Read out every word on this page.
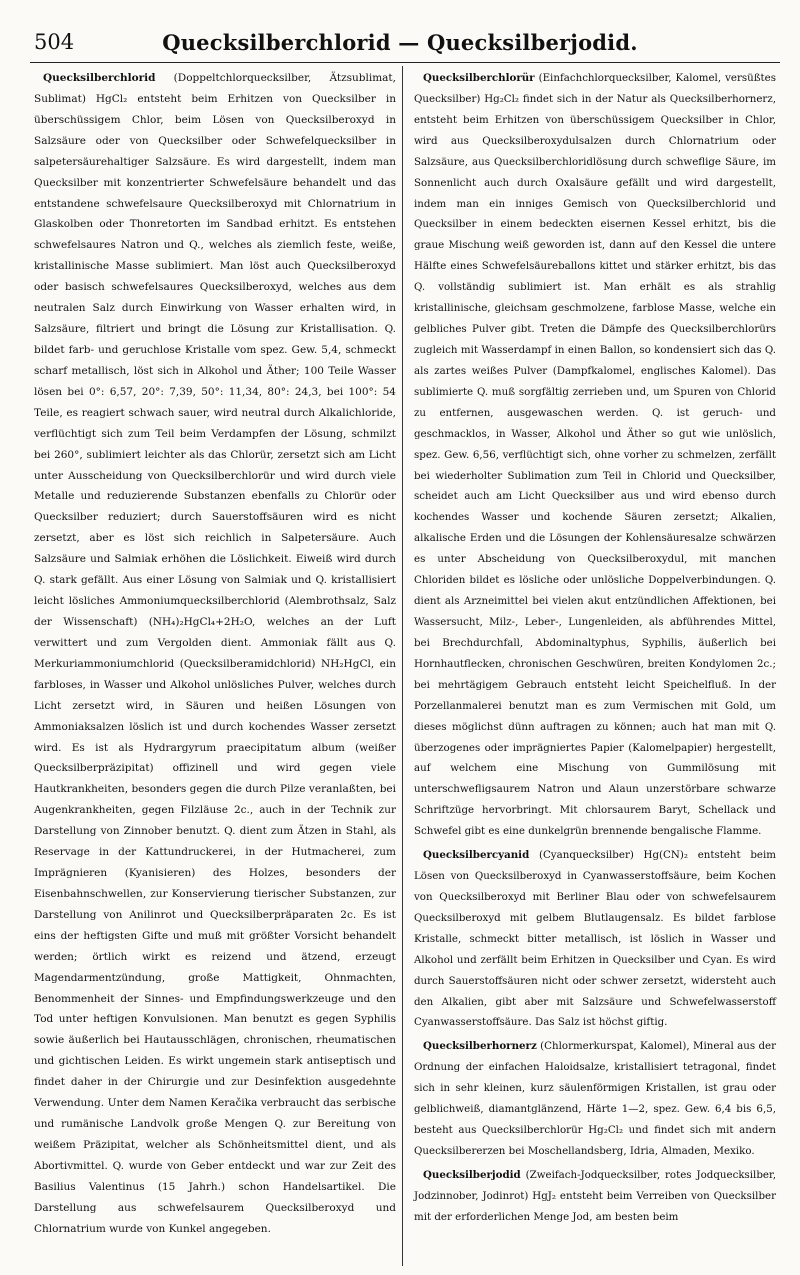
504	Quecksilberchlorid — Quecksilberjodid.

Quecksilberchlorid (Doppeltchlorquecksilber, Ätzsublimat, Sublimat) HgCl₂ entsteht beim Erhitzen von Quecksilber in überschüssigem Chlor, beim Lösen von Quecksilberoxyd in Salzsäure oder von Quecksilber oder Schwefelquecksilber in salpetersäurehaltiger Salzsäure. Es wird dargestellt, indem man Quecksilber mit konzentrierter Schwefelsäure behandelt und das entstandene schwefelsaure Quecksilberoxyd mit Chlornatrium in Glaskolben oder Thonretorten im Sandbad erhitzt. Es entstehen schwefelsaures Natron und Q., welches als ziemlich feste, weiße, kristallinische Masse sublimiert. Man löst auch Quecksilberoxyd oder basisch schwefelsaures Quecksilberoxyd, welches aus dem neutralen Salz durch Einwirkung von Wasser erhalten wird, in Salzsäure, filtriert und bringt die Lösung zur Kristallisation. Q. bildet farb- und geruchlose Kristalle vom spez. Gew. 5,4, schmeckt scharf metallisch, löst sich in Alkohol und Äther; 100 Teile Wasser lösen bei 0°: 6,57, 20°: 7,39, 50°: 11,34, 80°: 24,3, bei 100°: 54 Teile, es reagiert schwach sauer, wird neutral durch Alkalichloride, verflüchtigt sich zum Teil beim Verdampfen der Lösung, schmilzt bei 260°, sublimiert leichter als das Chlorür, zersetzt sich am Licht unter Ausscheidung von Quecksilberchlorür und wird durch viele Metalle und reduzierende Substanzen ebenfalls zu Chlorür oder Quecksilber reduziert; durch Sauerstoffsäuren wird es nicht zersetzt, aber es löst sich reichlich in Salpetersäure. Auch Salzsäure und Salmiak erhöhen die Löslichkeit. Eiweiß wird durch Q. stark gefällt. Aus einer Lösung von Salmiak und Q. kristallisiert leicht lösliches Ammoniumquecksilberchlorid (Alembrothsalz, Salz der Wissenschaft) (NH₄)₂HgCl₄+2H₂O, welches an der Luft verwittert und zum Vergolden dient. Ammoniak fällt aus Q. Merkuriammoniumchlorid (Quecksilberamidchlorid) NH₂HgCl, ein farbloses, in Wasser und Alkohol unlösliches Pulver, welches durch Licht zersetzt wird, in Säuren und heißen Lösungen von Ammoniaksalzen löslich ist und durch kochendes Wasser zersetzt wird. Es ist als Hydrargyrum praecipitatum album (weißer Quecksilberpräzipitat) offizinell und wird gegen viele Hautkrankheiten, besonders gegen die durch Pilze veranlaßten, bei Augenkrankheiten, gegen Filzläuse 2c., auch in der Technik zur Darstellung von Zinnober benutzt. Q. dient zum Ätzen in Stahl, als Reservage in der Kattundruckerei, in der Hutmacherei, zum Imprägnieren (Kyanisieren) des Holzes, besonders der Eisenbahnschwellen, zur Konservierung tierischer Substanzen, zur Darstellung von Anilinrot und Quecksilberpräparaten 2c. Es ist eins der heftigsten Gifte und muß mit größter Vorsicht behandelt werden; örtlich wirkt es reizend und ätzend, erzeugt Magendarmentzündung, große Mattigkeit, Ohnmachten, Benommenheit der Sinnes- und Empfindungswerkzeuge und den Tod unter heftigen Konvulsionen. Man benutzt es gegen Syphilis sowie äußerlich bei Hautausschlägen, chronischen, rheumatischen und gichtischen Leiden. Es wirkt ungemein stark antiseptisch und findet daher in der Chirurgie und zur Desinfektion ausgedehnte Verwendung. Unter dem Namen Keračika verbraucht das serbische und rumänische Landvolk große Mengen Q. zur Bereitung von weißem Präzipitat, welcher als Schönheitsmittel dient, und als Abortivmittel. Q. wurde von Geber entdeckt und war zur Zeit des Basilius Valentinus (15 Jahrh.) schon Handelsartikel. Die Darstellung aus schwefelsaurem Quecksilberoxyd und Chlornatrium wurde von Kunkel angegeben.

Quecksilberchlorür (Einfachchlorquecksilber, Kalomel, versüßtes Quecksilber) Hg₂Cl₂ findet sich in der Natur als Quecksilberhornerz, entsteht beim Erhitzen von überschüssigem Quecksilber in Chlor, wird aus Quecksilberoxydulsalzen durch Chlornatrium oder Salzsäure, aus Quecksilberchloridlösung durch schweflige Säure, im Sonnenlicht auch durch Oxalsäure gefällt und wird dargestellt, indem man ein inniges Gemisch von Quecksilberchlorid und Quecksilber in einem bedeckten eisernen Kessel erhitzt, bis die graue Mischung weiß geworden ist, dann auf den Kessel die untere Hälfte eines Schwefelsäureballons kittet und stärker erhitzt, bis das Q. vollständig sublimiert ist. Man erhält es als strahlig kristallinische, gleichsam geschmolzene, farblose Masse, welche ein gelbliches Pulver gibt. Treten die Dämpfe des Quecksilberchlorürs zugleich mit Wasserdampf in einen Ballon, so kondensiert sich das Q. als zartes weißes Pulver (Dampfkalomel, englisches Kalomel). Das sublimierte Q. muß sorgfältig zerrieben und, um Spuren von Chlorid zu entfernen, ausgewaschen werden. Q. ist geruch- und geschmacklos, in Wasser, Alkohol und Äther so gut wie unlöslich, spez. Gew. 6,56, verflüchtigt sich, ohne vorher zu schmelzen, zerfällt bei wiederholter Sublimation zum Teil in Chlorid und Quecksilber, scheidet auch am Licht Quecksilber aus und wird ebenso durch kochendes Wasser und kochende Säuren zersetzt; Alkalien, alkalische Erden und die Lösungen der Kohlensäuresalze schwärzen es unter Abscheidung von Quecksilberoxydul, mit manchen Chloriden bildet es lösliche oder unlösliche Doppelverbindungen. Q. dient als Arzneimittel bei vielen akut entzündlichen Affektionen, bei Wassersucht, Milz-, Leber-, Lungenleiden, als abführendes Mittel, bei Brechdurchfall, Abdominaltyphus, Syphilis, äußerlich bei Hornhautflecken, chronischen Geschwüren, breiten Kondylomen 2c.; bei mehrtägigem Gebrauch entsteht leicht Speichelfluß. In der Porzellanmalerei benutzt man es zum Vermischen mit Gold, um dieses möglichst dünn auftragen zu können; auch hat man mit Q. überzogenes oder imprägniertes Papier (Kalomelpapier) hergestellt, auf welchem eine Mischung von Gummilösung mit unterschwefligsaurem Natron und Alaun unzerstörbare schwarze Schriftzüge hervorbringt. Mit chlorsaurem Baryt, Schellack und Schwefel gibt es eine dunkelgrün brennende bengalische Flamme.

Quecksilbercyanid (Cyanquecksilber) Hg(CN)₂ entsteht beim Lösen von Quecksilberoxyd in Cyanwasserstoffsäure, beim Kochen von Quecksilberoxyd mit Berliner Blau oder von schwefelsaurem Quecksilberoxyd mit gelbem Blutlaugensalz. Es bildet farblose Kristalle, schmeckt bitter metallisch, ist löslich in Wasser und Alkohol und zerfällt beim Erhitzen in Quecksilber und Cyan. Es wird durch Sauerstoffsäuren nicht oder schwer zersetzt, widersteht auch den Alkalien, gibt aber mit Salzsäure und Schwefelwasserstoff Cyanwasserstoffsäure. Das Salz ist höchst giftig.

Quecksilberhornerz (Chlormerkurspat, Kalomel), Mineral aus der Ordnung der einfachen Haloidsalze, kristallisiert tetragonal, findet sich in sehr kleinen, kurz säulenförmigen Kristallen, ist grau oder gelblichweiß, diamantglänzend, Härte 1—2, spez. Gew. 6,4 bis 6,5, besteht aus Quecksilberchlorür Hg₂Cl₂ und findet sich mit andern Quecksilbererzen bei Moschellandsberg, Idria, Almaden, Mexiko.

Quecksilberjodid (Zweifach-Jodquecksilber, rotes Jodquecksilber, Jodzinnober, Jodinrot) HgJ₂ entsteht beim Verreiben von Quecksilber mit der erforderlichen Menge Jod, am besten beim
